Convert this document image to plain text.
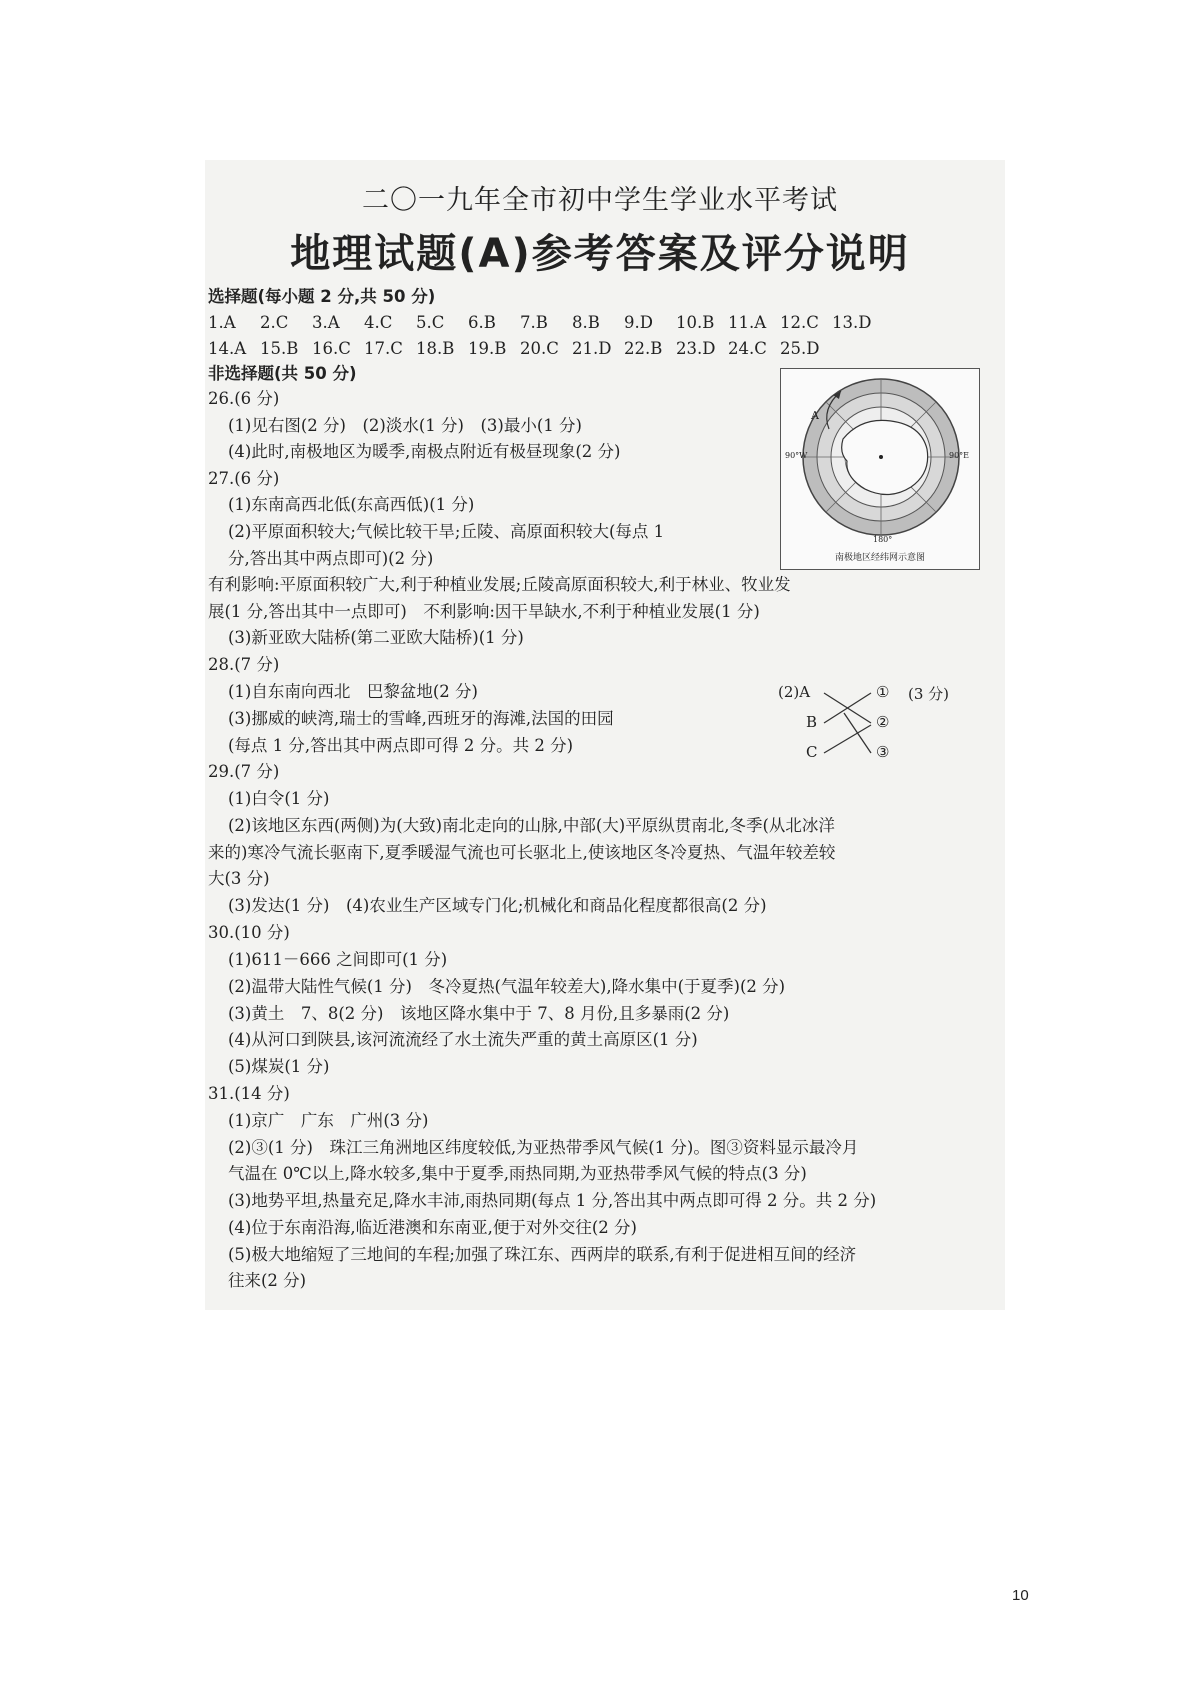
二〇一九年全市初中学生学业水平考试
地理试题(A)参考答案及评分说明
选择题(每小题 2 分,共 50 分)
1.A 2.C 3.A 4.C 5.C 6.B 7.B 8.B 9.D 10.B 11.A 12.C 13.D
14.A 15.B 16.C 17.C 18.B 19.B 20.C 21.D 22.B 23.D 24.C 25.D
非选择题(共 50 分)
A
90°W	90°E
180°
南极地区经纬网示意图
26.(6 分)
(1)见右图(2 分)　(2)淡水(1 分)　(3)最小(1 分)
(4)此时,南极地区为暖季,南极点附近有极昼现象(2 分)
27.(6 分)
(1)东南高西北低(东高西低)(1 分)
(2)平原面积较大;气候比较干旱;丘陵、高原面积较大(每点 1
分,答出其中两点即可)(2 分)
有利影响:平原面积较广大,利于种植业发展;丘陵高原面积较大,利于林业、牧业发
展(1 分,答出其中一点即可)　不利影响:因干旱缺水,不利于种植业发展(1 分)
(3)新亚欧大陆桥(第二亚欧大陆桥)(1 分)
28.(7 分)
(1)自东南向西北　巴黎盆地(2 分)
(3)挪威的峡湾,瑞士的雪峰,西班牙的海滩,法国的田园
(每点 1 分,答出其中两点即可得 2 分。共 2 分)
(2)A
B
C
①
②
③
(3 分)
29.(7 分)
(1)白令(1 分)
(2)该地区东西(两侧)为(大致)南北走向的山脉,中部(大)平原纵贯南北,冬季(从北冰洋
来的)寒冷气流长驱南下,夏季暖湿气流也可长驱北上,使该地区冬冷夏热、气温年较差较
大(3 分)
(3)发达(1 分)　(4)农业生产区域专门化;机械化和商品化程度都很高(2 分)
30.(10 分)
(1)611－666 之间即可(1 分)
(2)温带大陆性气候(1 分)　冬冷夏热(气温年较差大),降水集中(于夏季)(2 分)
(3)黄土　7、8(2 分)　该地区降水集中于 7、8 月份,且多暴雨(2 分)
(4)从河口到陕县,该河流流经了水土流失严重的黄土高原区(1 分)
(5)煤炭(1 分)
31.(14 分)
(1)京广　广东　广州(3 分)
(2)③(1 分)　珠江三角洲地区纬度较低,为亚热带季风气候(1 分)。图③资料显示最冷月
气温在 0℃以上,降水较多,集中于夏季,雨热同期,为亚热带季风气候的特点(3 分)
(3)地势平坦,热量充足,降水丰沛,雨热同期(每点 1 分,答出其中两点即可得 2 分。共 2 分)
(4)位于东南沿海,临近港澳和东南亚,便于对外交往(2 分)
(5)极大地缩短了三地间的车程;加强了珠江东、西两岸的联系,有利于促进相互间的经济
往来(2 分)
10
